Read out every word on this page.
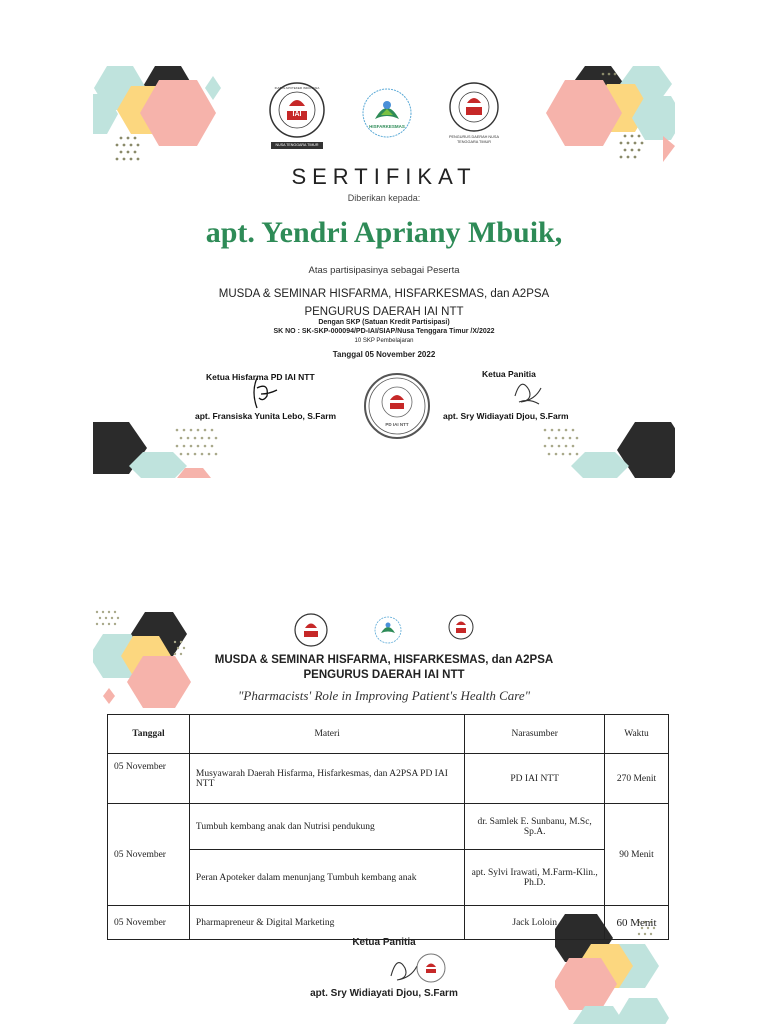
IAI
IKATAN APOTEKER INDONESIA
NUSA TENGGARA TIMUR
HISFARKESMAS
PENGURUS DAERAH NUSA TENGGARA TIMUR
SERTIFIKAT
Diberikan kepada:
apt. Yendri Apriany Mbuik,
Atas partisipasinya sebagai Peserta
MUSDA & SEMINAR HISFARMA, HISFARKESMAS, dan A2PSA
PENGURUS DAERAH IAI NTT
Dengan SKP (Satuan Kredit Partisipasi)
SK NO : SK-SKP-000094/PD-IAI/SIAP/Nusa Tenggara Timur /X/2022
10 SKP Pembelajaran
Tanggal 05 November 2022
Ketua Hisfarma PD IAI NTT
apt. Fransiska Yunita Lebo, S.Farm
PD IAI NTT
Ketua Panitia
apt. Sry Widiayati Djou, S.Farm
MUSDA & SEMINAR HISFARMA, HISFARKESMAS, dan A2PSA
PENGURUS DAERAH IAI NTT
"Pharmacists' Role in Improving Patient's Health Care"
Tanggal	Materi	Narasumber	Waktu
05 November	Musyawarah Daerah Hisfarma, Hisfarkesmas, dan A2PSA PD IAI NTT	PD IAI NTT	270 Menit
05 November	Tumbuh kembang anak dan Nutrisi pendukung	dr. Samlek E. Sunbanu, M.Sc, Sp.A.	90 Menit
	Peran Apoteker dalam menunjang Tumbuh kembang anak	apt. Sylvi Irawati, M.Farm-Klin., Ph.D.	
05 November	Pharmapreneur & Digital Marketing	Jack Loloin	60 Menit
Ketua Panitia
apt. Sry Widiayati Djou, S.Farm
